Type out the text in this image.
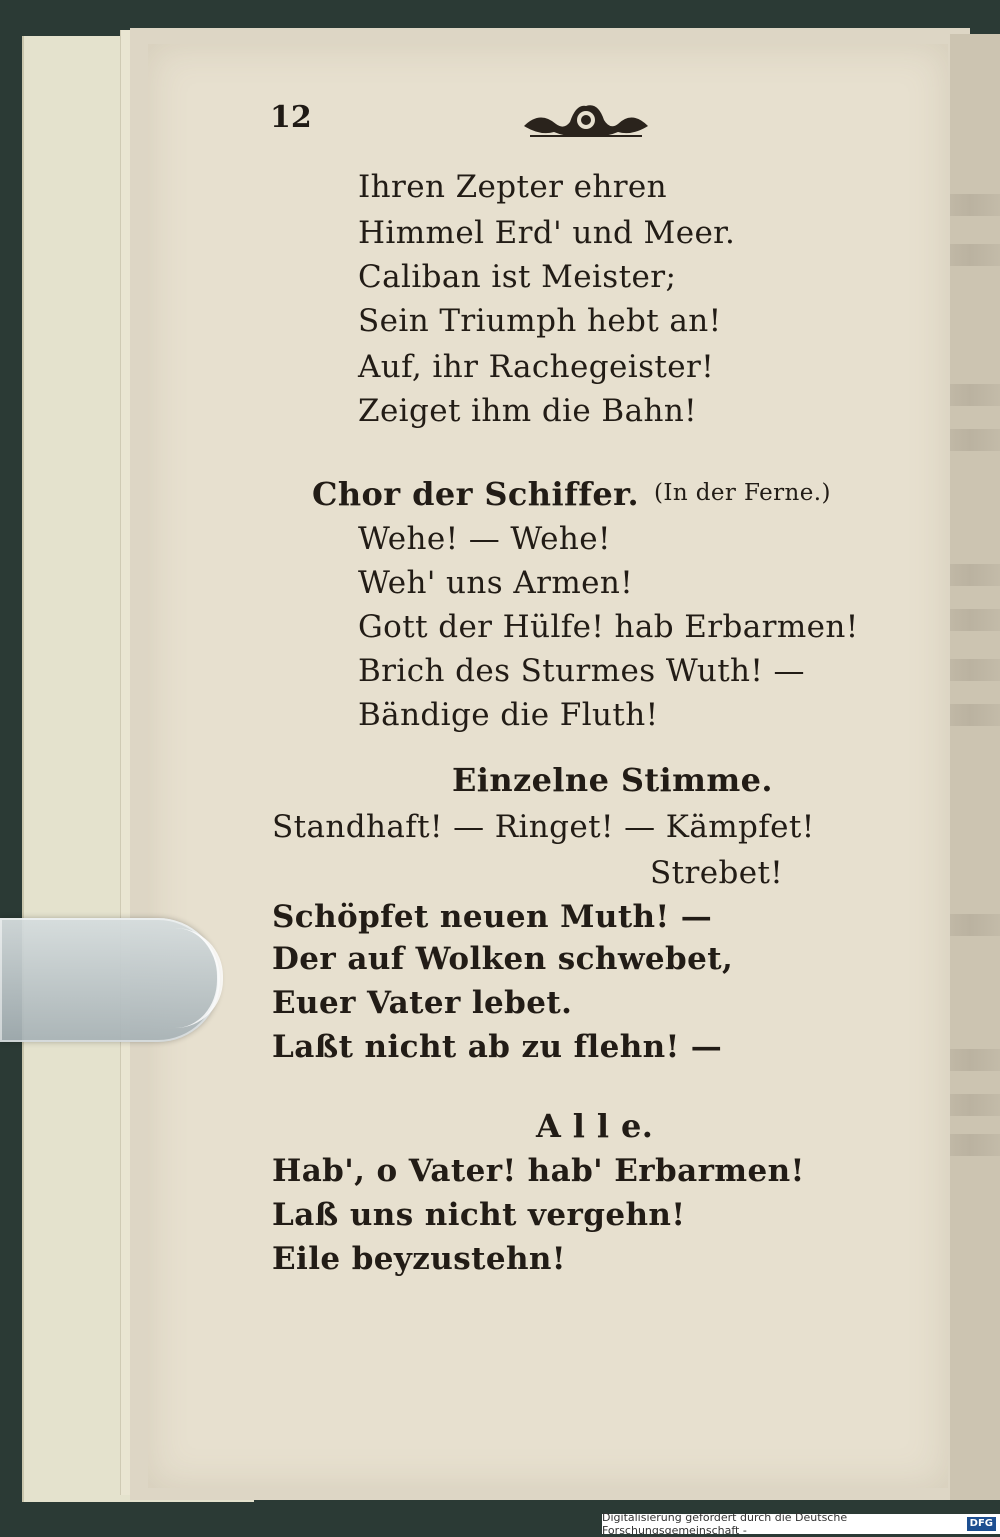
12
Ihren Zepter ehren
Himmel Erd' und Meer.
Caliban ist Meister;
Sein Triumph hebt an!
Auf, ihr Rachegeister!
Zeiget ihm die Bahn!
Chor der Schiffer. (In der Ferne.)
Wehe! — Wehe!
Weh' uns Armen!
Gott der Hülfe! hab Erbarmen!
Brich des Sturmes Wuth! —
Bändige die Fluth!
Einzelne Stimme.
Standhaft! — Ringet! — Kämpfet!
Strebet!
Schöpfet neuen Muth! —
Der auf Wolken schwebet,
Euer Vater lebet.
Laßt nicht ab zu flehn! —
A l l e.
Hab', o Vater! hab' Erbarmen!
Laß uns nicht vergehn!
Eile beyzustehn!
Digitalisierung gefördert durch die Deutsche Forschungsgemeinschaft -
DFG
